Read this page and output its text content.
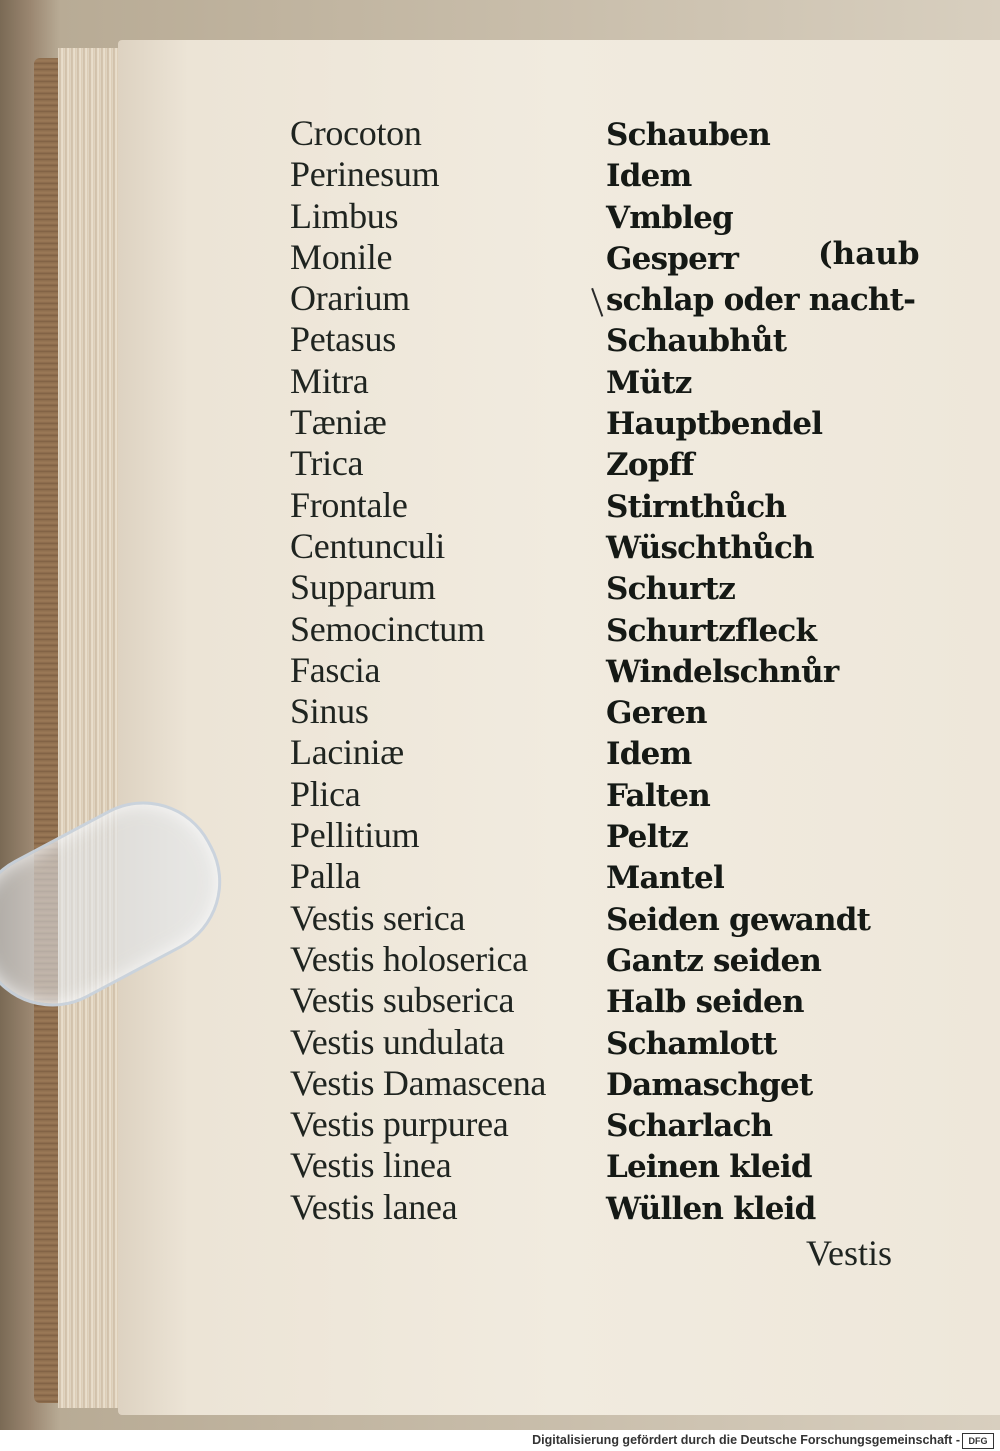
Crocoton	Schauben
Perinesum	Idem
Limbus	Vmbleg
Monile	Gesperr	(haub
Orarium	schlap oder nacht-
Petasus	Schaubhůt
Mitra	Mütz
Tæniæ	Hauptbendel
Trica	Zopff
Frontale	Stirnthůch
Centunculi	Wüschthůch
Supparum	Schurtz
Semocinctum	Schurtzfleck
Fascia	Windelschnůr
Sinus	Geren
Laciniæ	Idem
Plica	Falten
Pellitium	Peltz
Palla	Mantel
Vestis serica	Seiden gewandt
Vestis holoserica	Gantz seiden
Vestis subserica	Halb seiden
Vestis undulata	Schamlott
Vestis Damascena	Damaschget
Vestis purpurea	Scharlach
Vestis linea	Leinen kleid
Vestis lanea	Wüllen kleid
Vestis
Digitalisierung gefördert durch die Deutsche Forschungsgemeinschaft - DFG
